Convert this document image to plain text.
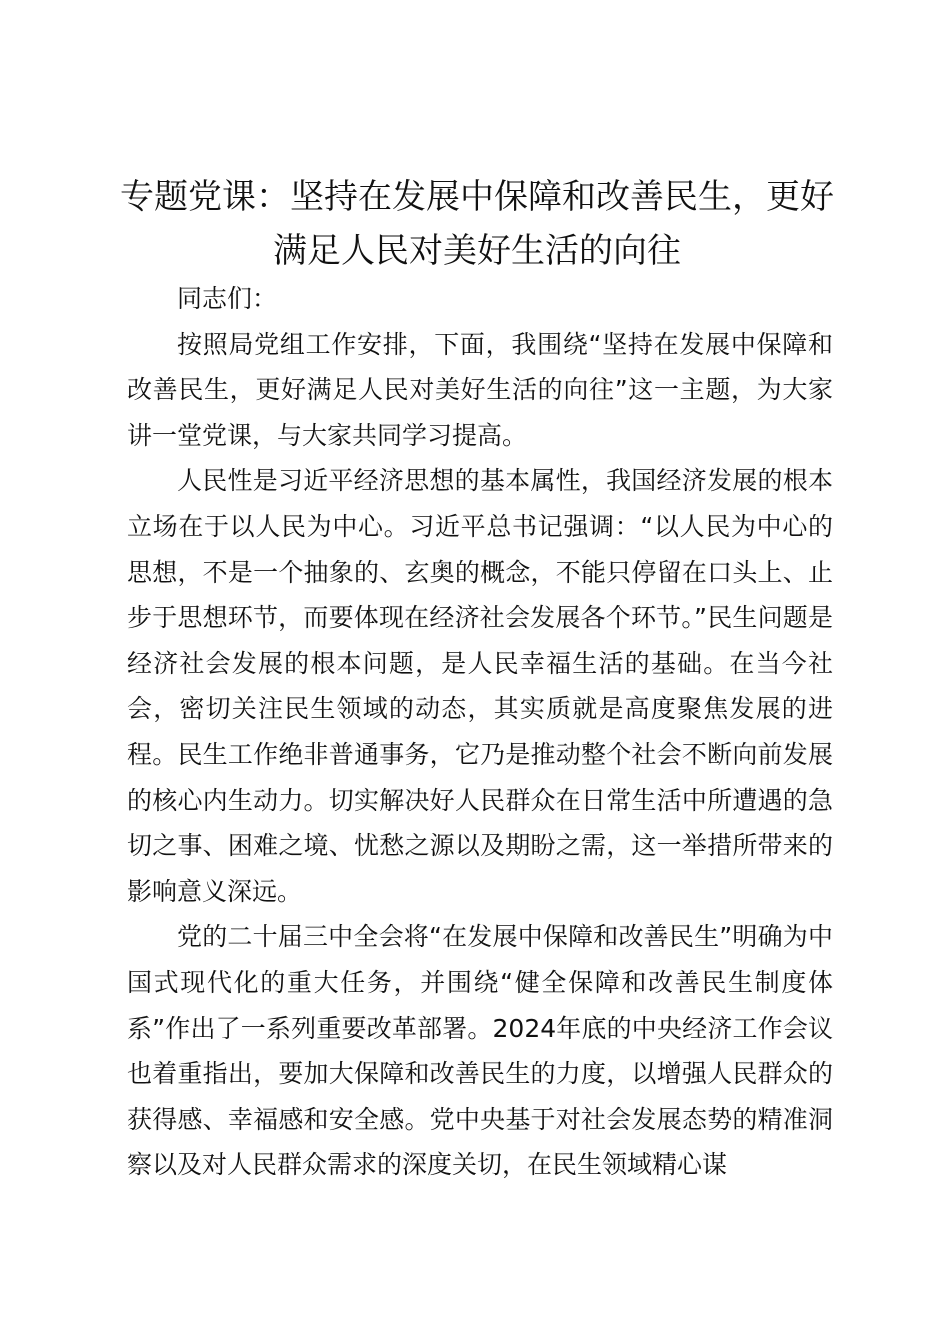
专题党课：坚持在发展中保障和改善民生，更好满足人民对美好生活的向往

同志们：

按照局党组工作安排，下面，我围绕“坚持在发展中保障和改善民生，更好满足人民对美好生活的向往”这一主题，为大家讲一堂党课，与大家共同学习提高。

人民性是习近平经济思想的基本属性，我国经济发展的根本立场在于以人民为中心。习近平总书记强调：“以人民为中心的思想，不是一个抽象的、玄奥的概念，不能只停留在口头上、止步于思想环节，而要体现在经济社会发展各个环节。”民生问题是经济社会发展的根本问题，是人民幸福生活的基础。在当今社会，密切关注民生领域的动态，其实质就是高度聚焦发展的进程。民生工作绝非普通事务，它乃是推动整个社会不断向前发展的核心内生动力。切实解决好人民群众在日常生活中所遭遇的急切之事、困难之境、忧愁之源以及期盼之需，这一举措所带来的影响意义深远。

党的二十届三中全会将“在发展中保障和改善民生”明确为中国式现代化的重大任务，并围绕“健全保障和改善民生制度体系”作出了一系列重要改革部署。2024年底的中央经济工作会议也着重指出，要加大保障和改善民生的力度，以增强人民群众的获得感、幸福感和安全感。党中央基于对社会发展态势的精准洞察以及对人民群众需求的深度关切，在民生领域精心谋
